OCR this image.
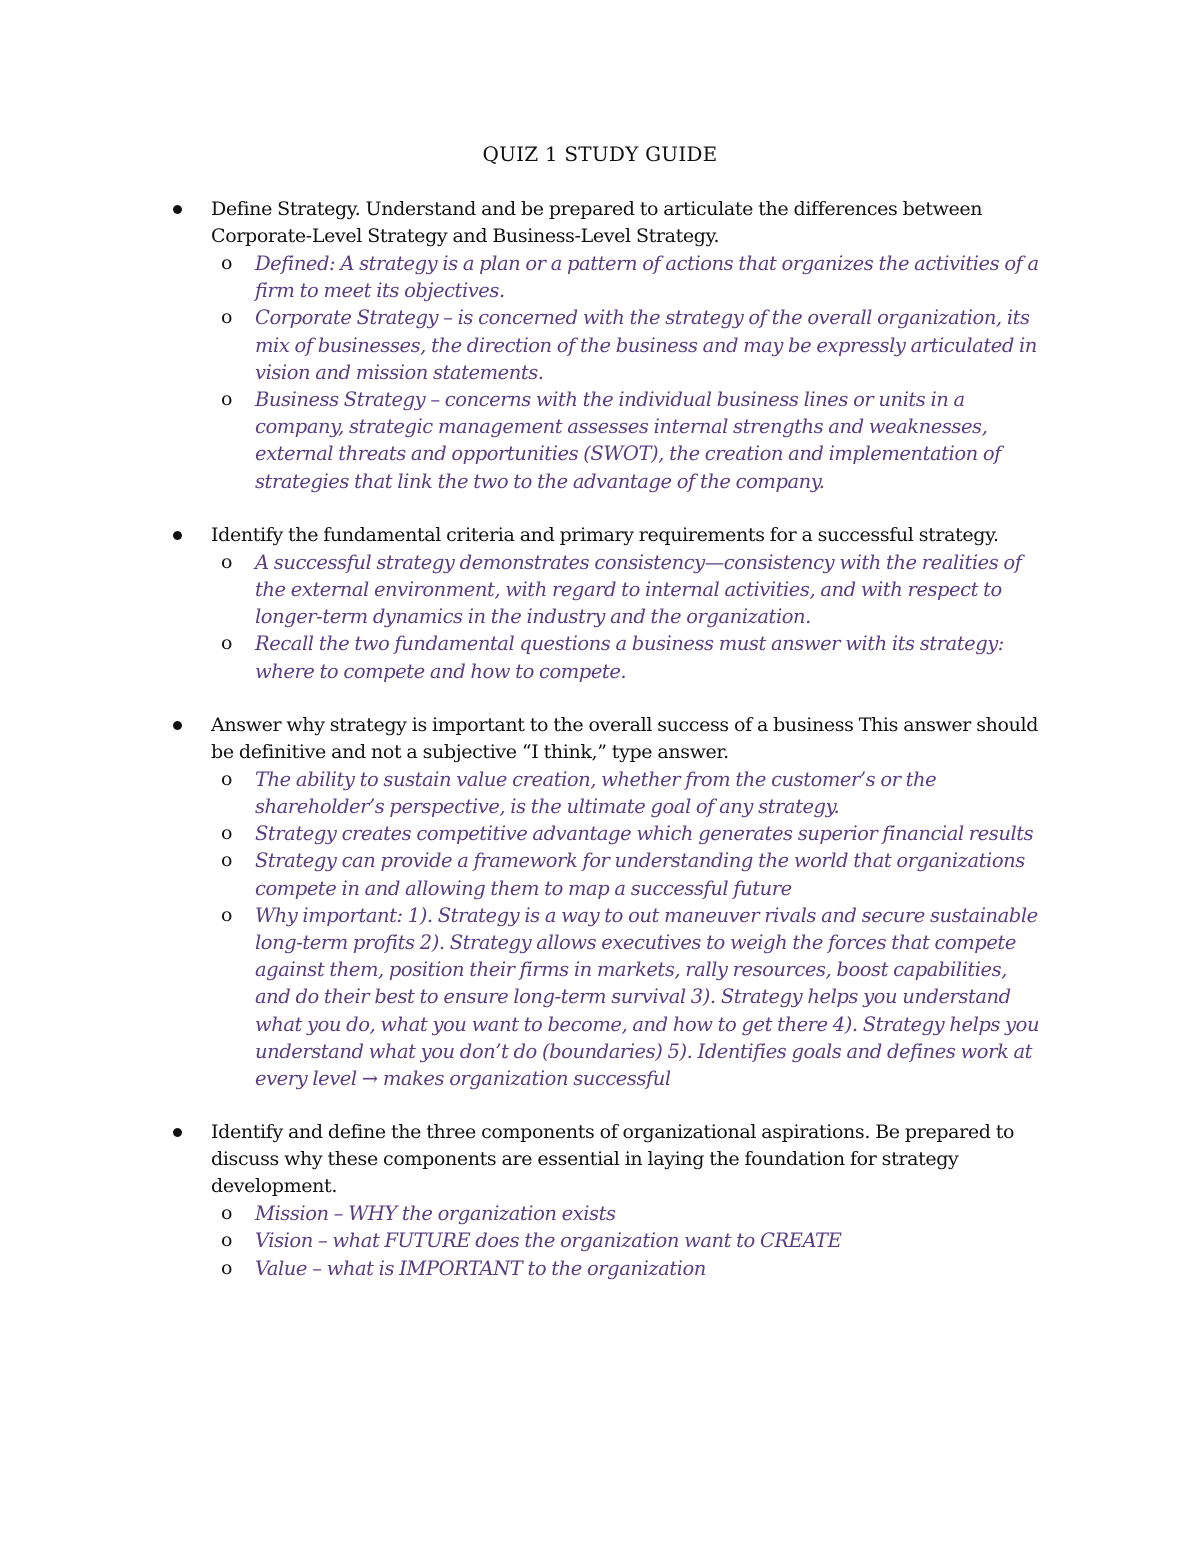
QUIZ 1 STUDY GUIDE
Define Strategy. Understand and be prepared to articulate the differences between Corporate-Level Strategy and Business-Level Strategy.
o Defined: A strategy is a plan or a pattern of actions that organizes the activities of a firm to meet its objectives.
o Corporate Strategy – is concerned with the strategy of the overall organization, its mix of businesses, the direction of the business and may be expressly articulated in vision and mission statements.
o Business Strategy – concerns with the individual business lines or units in a company, strategic management assesses internal strengths and weaknesses, external threats and opportunities (SWOT), the creation and implementation of strategies that link the two to the advantage of the company.
Identify the fundamental criteria and primary requirements for a successful strategy.
o A successful strategy demonstrates consistency—consistency with the realities of the external environment, with regard to internal activities, and with respect to longer-term dynamics in the industry and the organization.
o Recall the two fundamental questions a business must answer with its strategy: where to compete and how to compete.
Answer why strategy is important to the overall success of a business This answer should be definitive and not a subjective “I think,” type answer.
o The ability to sustain value creation, whether from the customer’s or the shareholder’s perspective, is the ultimate goal of any strategy.
o Strategy creates competitive advantage which generates superior financial results
o Strategy can provide a framework for understanding the world that organizations compete in and allowing them to map a successful future
o Why important: 1). Strategy is a way to out maneuver rivals and secure sustainable long-term profits 2). Strategy allows executives to weigh the forces that compete against them, position their firms in markets, rally resources, boost capabilities, and do their best to ensure long-term survival 3). Strategy helps you understand what you do, what you want to become, and how to get there 4). Strategy helps you understand what you don’t do (boundaries) 5). Identifies goals and defines work at every level → makes organization successful
Identify and define the three components of organizational aspirations. Be prepared to discuss why these components are essential in laying the foundation for strategy development.
o Mission – WHY the organization exists
o Vision – what FUTURE does the organization want to CREATE
o Value – what is IMPORTANT to the organization
